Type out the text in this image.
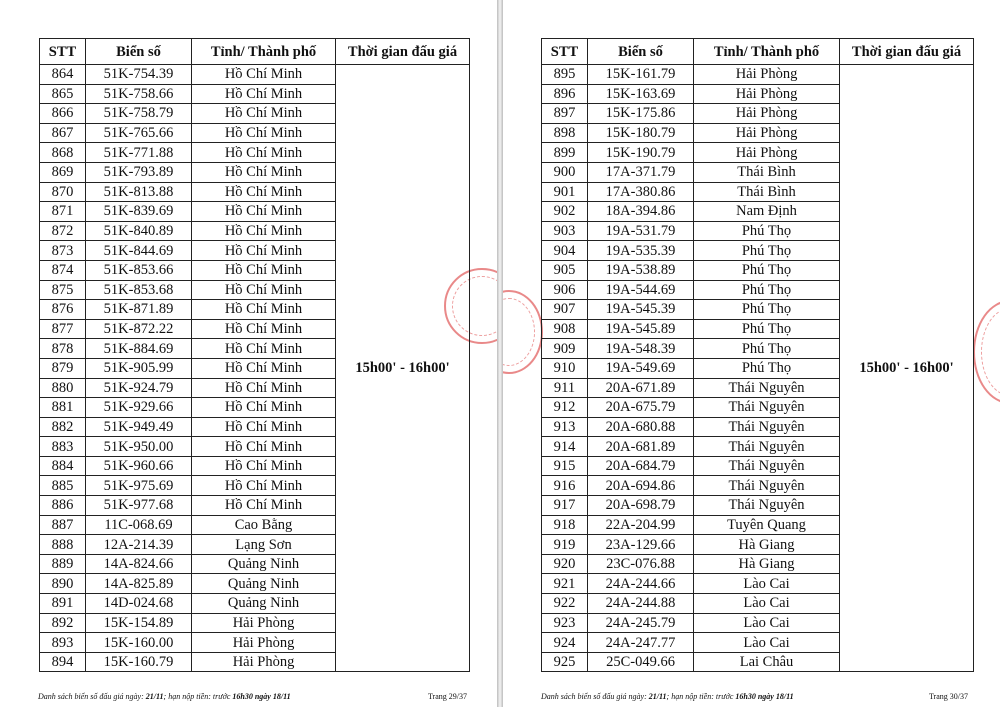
STT	Biển số	Tỉnh/ Thành phố	Thời gian đấu giá
864	51K-754.39	Hồ Chí Minh	15h00' - 16h00'
865	51K-758.66	Hồ Chí Minh	
866	51K-758.79	Hồ Chí Minh	
867	51K-765.66	Hồ Chí Minh	
868	51K-771.88	Hồ Chí Minh	
869	51K-793.89	Hồ Chí Minh	
870	51K-813.88	Hồ Chí Minh	
871	51K-839.69	Hồ Chí Minh	
872	51K-840.89	Hồ Chí Minh	
873	51K-844.69	Hồ Chí Minh	
874	51K-853.66	Hồ Chí Minh	
875	51K-853.68	Hồ Chí Minh	
876	51K-871.89	Hồ Chí Minh	
877	51K-872.22	Hồ Chí Minh	
878	51K-884.69	Hồ Chí Minh	
879	51K-905.99	Hồ Chí Minh	
880	51K-924.79	Hồ Chí Minh	
881	51K-929.66	Hồ Chí Minh	
882	51K-949.49	Hồ Chí Minh	
883	51K-950.00	Hồ Chí Minh	
884	51K-960.66	Hồ Chí Minh	
885	51K-975.69	Hồ Chí Minh	
886	51K-977.68	Hồ Chí Minh	
887	11C-068.69	Cao Bằng	
888	12A-214.39	Lạng Sơn	
889	14A-824.66	Quảng Ninh	
890	14A-825.89	Quảng Ninh	
891	14D-024.68	Quảng Ninh	
892	15K-154.89	Hải Phòng	
893	15K-160.00	Hải Phòng	
894	15K-160.79	Hải Phòng	
Danh sách biển số đấu giá ngày: 21/11; hạn nộp tiền: trước 16h30 ngày 18/11	Trang 29/37
STT	Biển số	Tỉnh/ Thành phố	Thời gian đấu giá
895	15K-161.79	Hải Phòng	15h00' - 16h00'
896	15K-163.69	Hải Phòng	
897	15K-175.86	Hải Phòng	
898	15K-180.79	Hải Phòng	
899	15K-190.79	Hải Phòng	
900	17A-371.79	Thái Bình	
901	17A-380.86	Thái Bình	
902	18A-394.86	Nam Định	
903	19A-531.79	Phú Thọ	
904	19A-535.39	Phú Thọ	
905	19A-538.89	Phú Thọ	
906	19A-544.69	Phú Thọ	
907	19A-545.39	Phú Thọ	
908	19A-545.89	Phú Thọ	
909	19A-548.39	Phú Thọ	
910	19A-549.69	Phú Thọ	
911	20A-671.89	Thái Nguyên	
912	20A-675.79	Thái Nguyên	
913	20A-680.88	Thái Nguyên	
914	20A-681.89	Thái Nguyên	
915	20A-684.79	Thái Nguyên	
916	20A-694.86	Thái Nguyên	
917	20A-698.79	Thái Nguyên	
918	22A-204.99	Tuyên Quang	
919	23A-129.66	Hà Giang	
920	23C-076.88	Hà Giang	
921	24A-244.66	Lào Cai	
922	24A-244.88	Lào Cai	
923	24A-245.79	Lào Cai	
924	24A-247.77	Lào Cai	
925	25C-049.66	Lai Châu	
Danh sách biển số đấu giá ngày: 21/11; hạn nộp tiền: trước 16h30 ngày 18/11	Trang 30/37
